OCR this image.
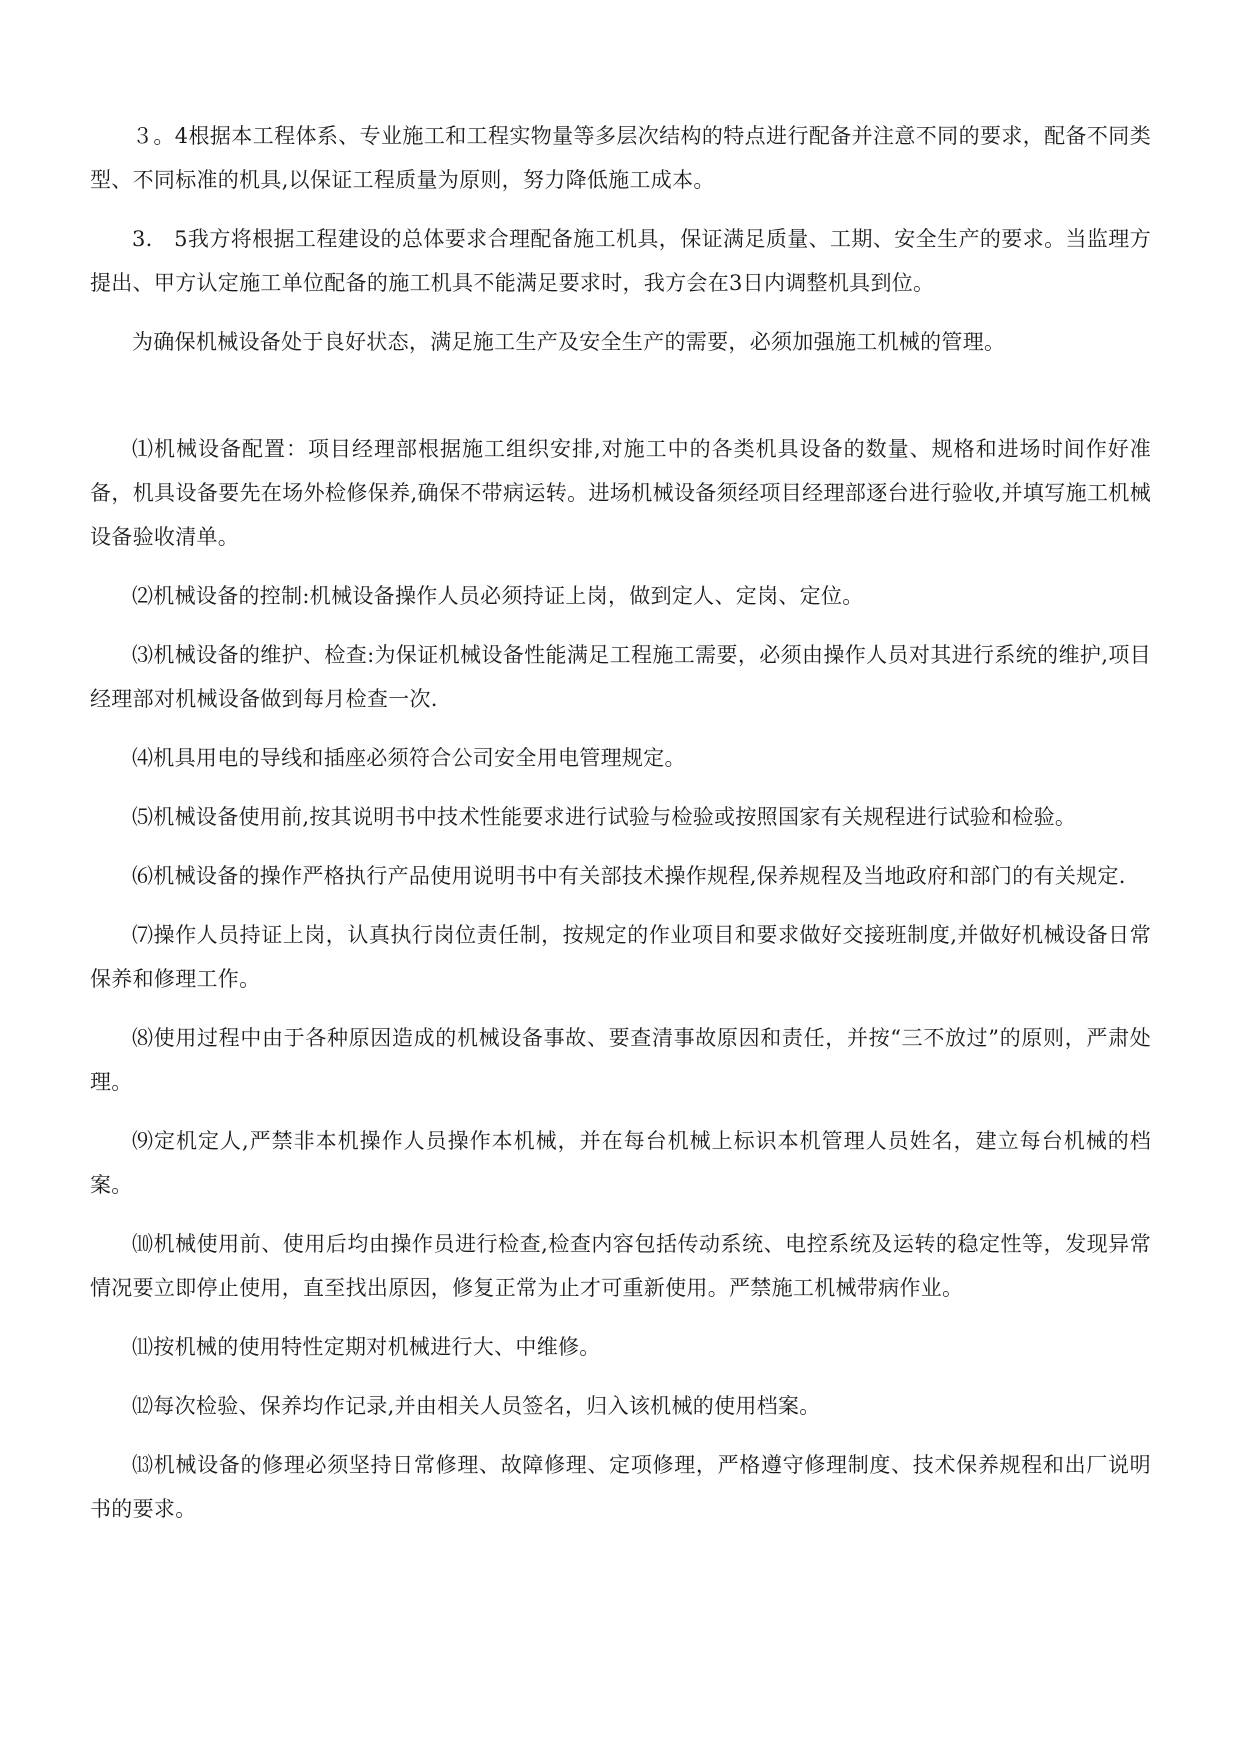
３。4根据本工程体系、专业施工和工程实物量等多层次结构的特点进行配备并注意不同的要求，配备不同类型、不同标准的机具,以保证工程质量为原则，努力降低施工成本。

3.　5我方将根据工程建设的总体要求合理配备施工机具，保证满足质量、工期、安全生产的要求。当监理方提出、甲方认定施工单位配备的施工机具不能满足要求时，我方会在3日内调整机具到位。

为确保机械设备处于良好状态，满足施工生产及安全生产的需要，必须加强施工机械的管理。

⑴机械设备配置：项目经理部根据施工组织安排,对施工中的各类机具设备的数量、规格和进场时间作好准备，机具设备要先在场外检修保养,确保不带病运转。进场机械设备须经项目经理部逐台进行验收,并填写施工机械设备验收清单。

⑵机械设备的控制:机械设备操作人员必须持证上岗，做到定人、定岗、定位。

⑶机械设备的维护、检查:为保证机械设备性能满足工程施工需要，必须由操作人员对其进行系统的维护,项目经理部对机械设备做到每月检查一次.

⑷机具用电的导线和插座必须符合公司安全用电管理规定。

⑸机械设备使用前,按其说明书中技术性能要求进行试验与检验或按照国家有关规程进行试验和检验。

⑹机械设备的操作严格执行产品使用说明书中有关部技术操作规程,保养规程及当地政府和部门的有关规定.

⑺操作人员持证上岗，认真执行岗位责任制，按规定的作业项目和要求做好交接班制度,并做好机械设备日常保养和修理工作。

⑻使用过程中由于各种原因造成的机械设备事故、要查清事故原因和责任，并按“三不放过”的原则，严肃处理。

⑼定机定人,严禁非本机操作人员操作本机械，并在每台机械上标识本机管理人员姓名，建立每台机械的档案。

⑽机械使用前、使用后均由操作员进行检查,检查内容包括传动系统、电控系统及运转的稳定性等，发现异常情况要立即停止使用，直至找出原因，修复正常为止才可重新使用。严禁施工机械带病作业。

⑾按机械的使用特性定期对机械进行大、中维修。

⑿每次检验、保养均作记录,并由相关人员签名，归入该机械的使用档案。

⒀机械设备的修理必须坚持日常修理、故障修理、定项修理，严格遵守修理制度、技术保养规程和出厂说明书的要求。
